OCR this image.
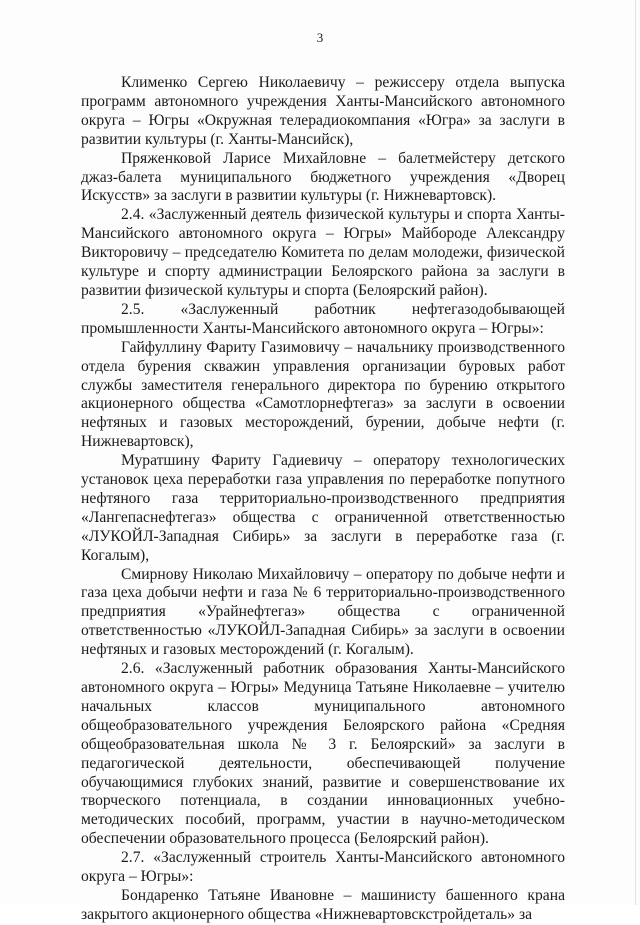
3

Клименко Сергею Николаевичу – режиссеру отдела выпуска программ автономного учреждения Ханты-Мансийского автономного округа – Югры «Окружная телерадиокомпания «Югра» за заслуги в развитии культуры (г. Ханты-Мансийск),

Пряженковой Ларисе Михайловне – балетмейстеру детского джаз-балета муниципального бюджетного учреждения «Дворец Искусств» за заслуги в развитии культуры (г. Нижневартовск).

2.4. «Заслуженный деятель физической культуры и спорта Ханты-Мансийского автономного округа – Югры» Майбороде Александру Викторовичу – председателю Комитета по делам молодежи, физической культуре и спорту администрации Белоярского района за заслуги в развитии физической культуры и спорта (Белоярский район).

2.5. «Заслуженный работник нефтегазодобывающей промышленности Ханты-Мансийского автономного округа – Югры»:

Гайфуллину Фариту Газимовичу – начальнику производственного отдела бурения скважин управления организации буровых работ службы заместителя генерального директора по бурению открытого акционерного общества «Самотлорнефтегаз» за заслуги в освоении нефтяных и газовых месторождений, бурении, добыче нефти (г. Нижневартовск),

Муратшину Фариту Гадиевичу – оператору технологических установок цеха переработки газа управления по переработке попутного нефтяного газа территориально-производственного предприятия «Лангепаснефтегаз» общества с ограниченной ответственностью «ЛУКОЙЛ-Западная Сибирь» за заслуги в переработке газа (г. Когалым),

Смирнову Николаю Михайловичу – оператору по добыче нефти и газа цеха добычи нефти и газа № 6 территориально-производственного предприятия «Урайнефтегаз» общества с ограниченной ответственностью «ЛУКОЙЛ-Западная Сибирь» за заслуги в освоении нефтяных и газовых месторождений (г. Когалым).

2.6. «Заслуженный работник образования Ханты-Мансийского автономного округа – Югры» Медуница Татьяне Николаевне – учителю начальных классов муниципального автономного общеобразовательного учреждения Белоярского района «Средняя общеобразовательная школа № 3 г. Белоярский» за заслуги в педагогической деятельности, обеспечивающей получение обучающимися глубоких знаний, развитие и совершенствование их творческого потенциала, в создании инновационных учебно-методических пособий, программ, участии в научно-методическом обеспечении образовательного процесса (Белоярский район).

2.7. «Заслуженный строитель Ханты-Мансийского автономного округа – Югры»:

Бондаренко Татьяне Ивановне – машинисту башенного крана закрытого акционерного общества «Нижневартовскстройдеталь» за
